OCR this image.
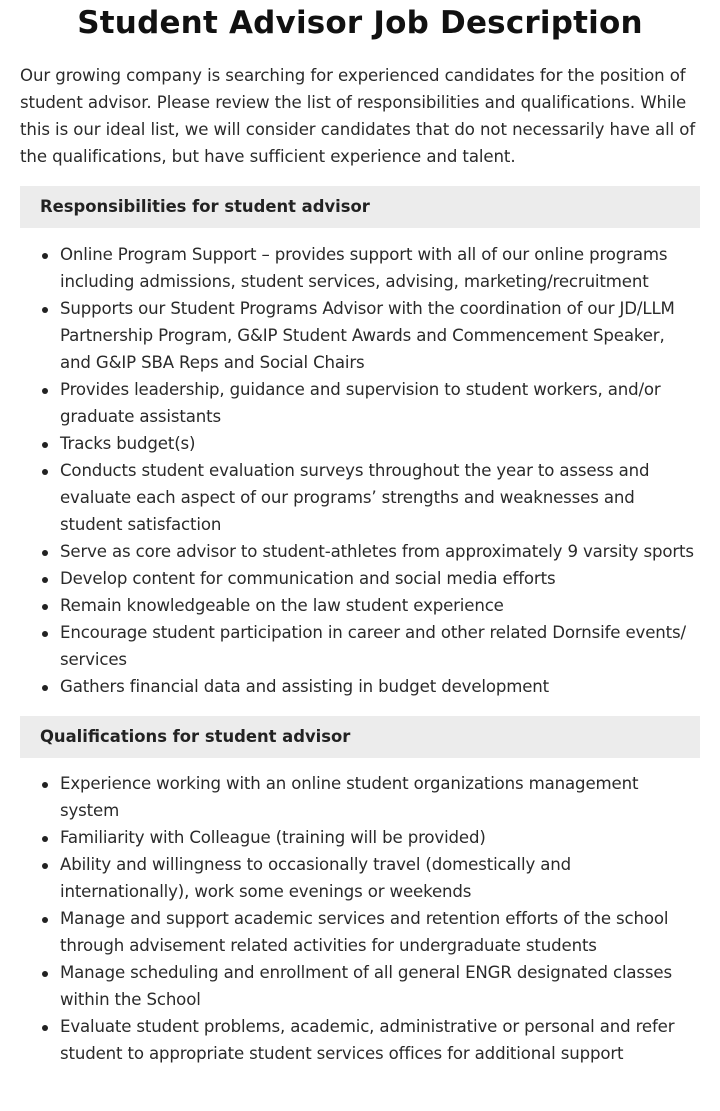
Student Advisor Job Description

Our growing company is searching for experienced candidates for the position of student advisor. Please review the list of responsibilities and qualifications. While this is our ideal list, we will consider candidates that do not necessarily have all of the qualifications, but have sufficient experience and talent.

Responsibilities for student advisor
Online Program Support – provides support with all of our online programs including admissions, student services, advising, marketing/recruitment
Supports our Student Programs Advisor with the coordination of our JD/LLM Partnership Program, G&IP Student Awards and Commencement Speaker, and G&IP SBA Reps and Social Chairs
Provides leadership, guidance and supervision to student workers, and/or graduate assistants
Tracks budget(s)
Conducts student evaluation surveys throughout the year to assess and evaluate each aspect of our programs’ strengths and weaknesses and student satisfaction
Serve as core advisor to student-athletes from approximately 9 varsity sports
Develop content for communication and social media efforts
Remain knowledgeable on the law student experience
Encourage student participation in career and other related Dornsife events/ services
Gathers financial data and assisting in budget development
Qualifications for student advisor
Experience working with an online student organizations management system
Familiarity with Colleague (training will be provided)
Ability and willingness to occasionally travel (domestically and internationally), work some evenings or weekends
Manage and support academic services and retention efforts of the school through advisement related activities for undergraduate students
Manage scheduling and enrollment of all general ENGR designated classes within the School
Evaluate student problems, academic, administrative or personal and refer student to appropriate student services offices for additional support
